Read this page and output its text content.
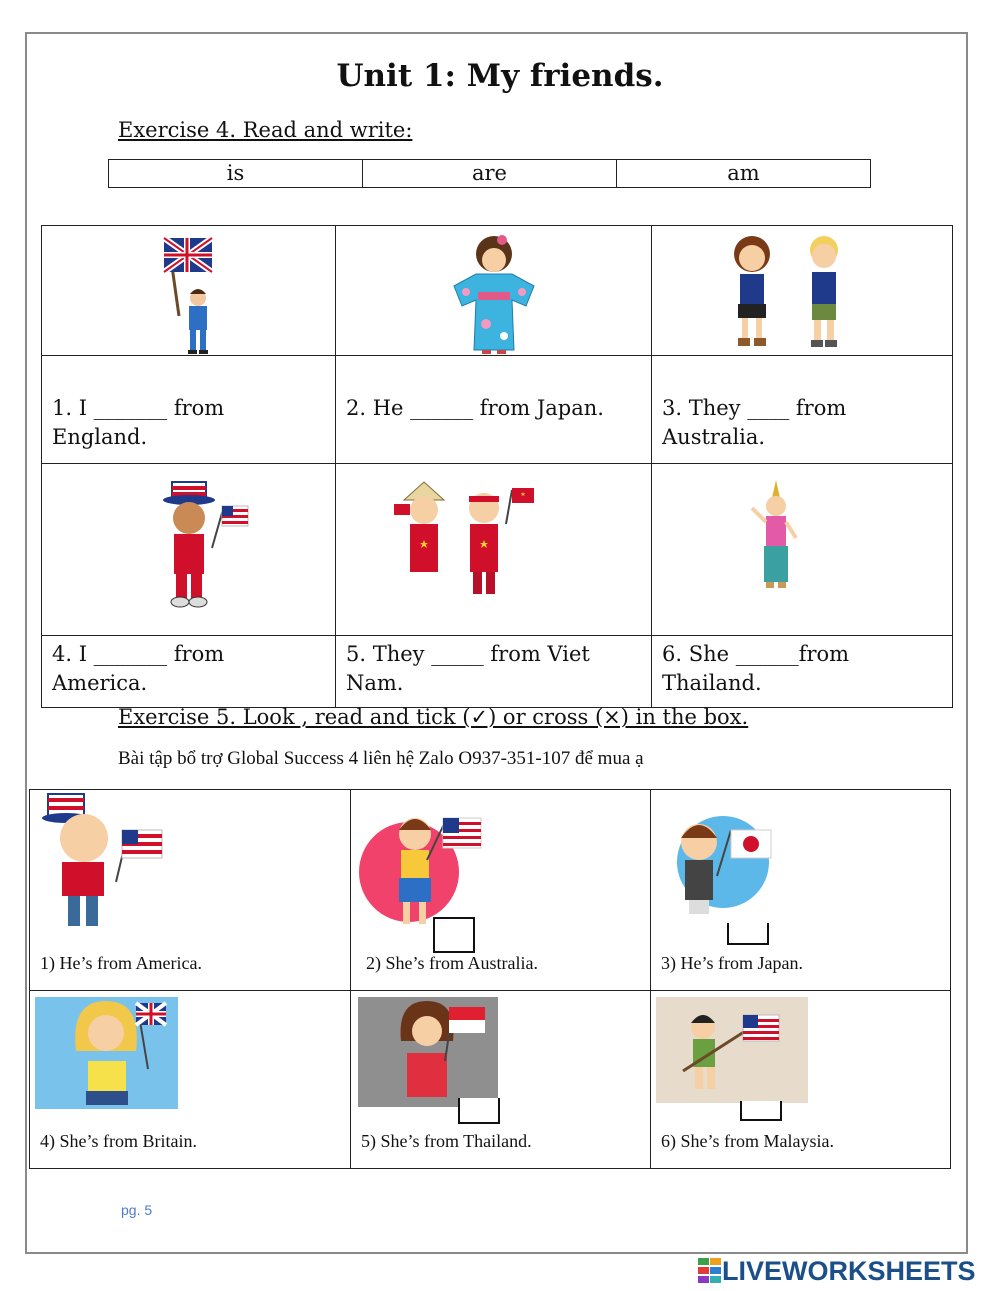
Unit 1: My friends.
Exercise 4. Read and write:
is	are	am

1. I _______ from England.	2. He ______ from Japan.	3. They ____ from Australia.

4. I _______ from America.	5. They _____ from Viet Nam.	6. She ______from Thailand.
Exercise 5. Look , read and tick (✓) or cross (×) in the box.
Bài tập bổ trợ Global Success 4 liên hệ Zalo O937-351-107 để mua ạ
1) He’s from America.	2) She’s from Australia.	3) He’s from Japan.

4) She’s from Britain.	5) She’s from Thailand.	6) She’s from Malaysia.
pg. 5
LIVEWORKSHEETS
